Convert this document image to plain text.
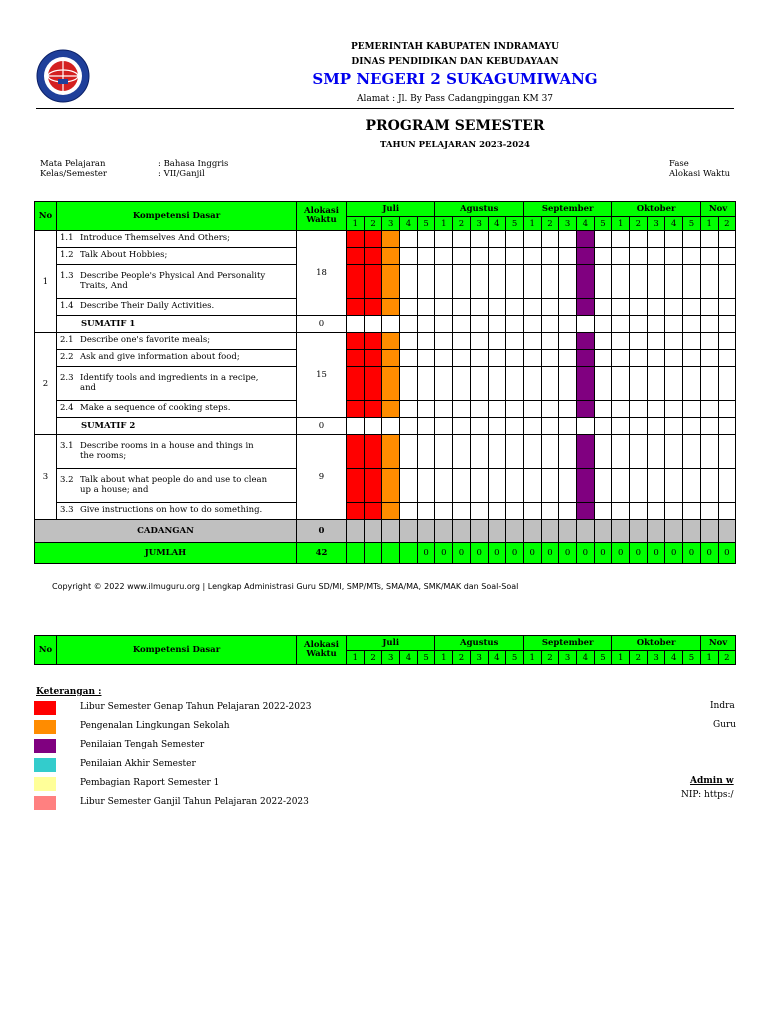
PEMERINTAH KABUPATEN INDRAMAYU
DINAS PENDIDIKAN DAN KEBUDAYAAN
SMP NEGERI 2 SUKAGUMIWANG
Alamat : Jl. By Pass Cadangpinggan KM 37
PROGRAM SEMESTER
TAHUN PELAJARAN 2023-2024
Mata Pelajaran	: Bahasa Inggris
Kelas/Semester	: VII/Ganjil
Fase
Alokasi Waktu
No	Kompetensi Dasar	Alokasi Waktu	Juli					Agustus					September					Oktober					Nov	
			1	2	3	4	5	1	2	3	4	5	1	2	3	4	5	1	2	3	4	5	1	2
1	1.1 Introduce Themselves And Others;	18																						
	1.2 Talk About Hobbies;																							
	1.3 Describe People's Physical And Personality Traits, And																							
	1.4 Describe Their Daily Activities.																							
	SUMATIF 1	0																						
2	2.1 Describe one's favorite meals;	15																						
	2.2 Ask and give information about food;																							
	2.3 Identify tools and ingredients in a recipe, and																							
	2.4 Make a sequence of cooking steps.																							
	SUMATIF 2	0																						
3	3.1 Describe rooms in a house and things in the rooms;	9																						
	3.2 Talk about what people do and use to clean up a house; and																							
	3.3 Give instructions on how to do something.																							
CADANGAN		0																						
JUMLAH		42					0	0	0	0	0	0	0	0	0	0	0	0	0	0	0	0	0	0
Copyright © 2022 www.ilmuguru.org | Lengkap Administrasi Guru SD/MI, SMP/MTs, SMA/MA, SMK/MAK dan Soal-Soal
No	Kompetensi Dasar	Alokasi Waktu	Juli					Agustus					September					Oktober					Nov	
			1	2	3	4	5	1	2	3	4	5	1	2	3	4	5	1	2	3	4	5	1	2
Keterangan :
Libur Semester Genap Tahun Pelajaran 2022-2023
Pengenalan Lingkungan Sekolah
Penilaian Tengah Semester
Penilaian Akhir Semester
Pembagian Raport Semester 1
Libur Semester Ganjil Tahun Pelajaran 2022-2023
Indra
Guru
Admin w
NIP: https:/
